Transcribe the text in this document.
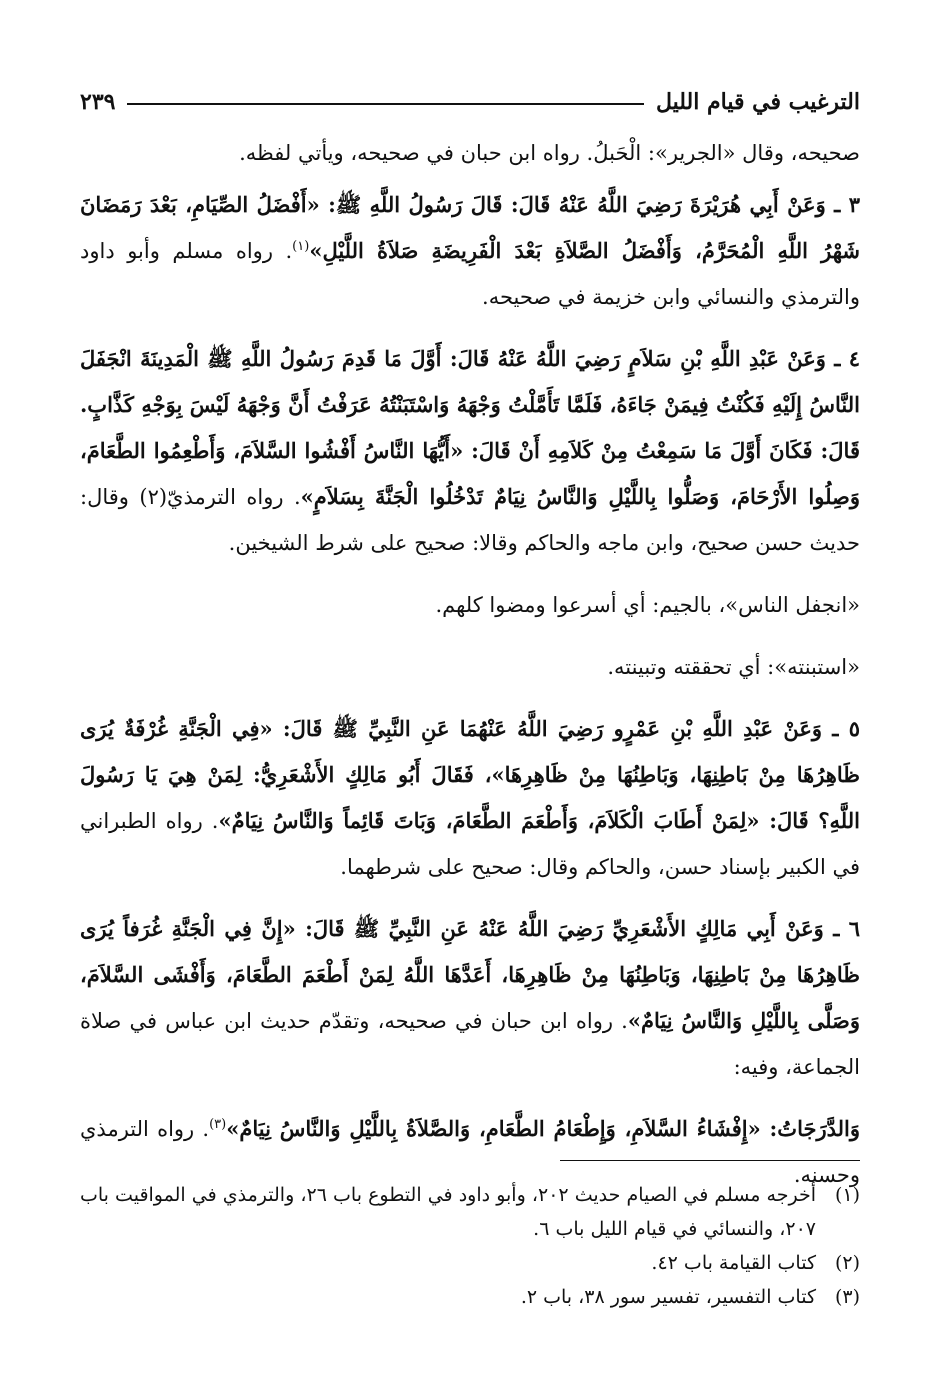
الترغيب في قيام الليل
٢٣٩

صحيحه، وقال «الجرير»: الْحَبلُ. رواه ابن حبان في صحيحه، ويأتي لفظه.

٣ ـ وَعَنْ أَبِي هُرَيْرَةَ رَضِيَ اللَّهُ عَنْهُ قَالَ: قَالَ رَسُولُ اللَّهِ ﷺ: «أَفْضَلُ الصِّيَامِ، بَعْدَ رَمَضَانَ شَهْرُ اللَّهِ الْمُحَرَّمُ، وَأَفْضَلُ الصَّلاَةِ بَعْدَ الْفَرِيضَةِ صَلاَةُ اللَّيْلِ»$^{(١)}$. رواه مسلم وأبو داود والترمذي والنسائي وابن خزيمة في صحيحه.

٤ ـ وَعَنْ عَبْدِ اللَّهِ بْنِ سَلاَمٍ رَضِيَ اللَّهُ عَنْهُ قَالَ: أَوَّلَ مَا قَدِمَ رَسُولُ اللَّهِ ﷺ الْمَدِينَةَ انْجَفَلَ النَّاسُ إِلَيْهِ فَكُنْتُ فِيمَنْ جَاءَهُ، فَلَمَّا تَأَمَّلْتُ وَجْهَهُ وَاسْتَبَنْتُهُ عَرَفْتُ أَنَّ وَجْهَهُ لَيْسَ بِوَجْهِ كَذَّابٍ. قَالَ: فَكَانَ أَوَّلَ مَا سَمِعْتُ مِنْ كَلاَمِهِ أَنْ قَالَ: «أَيُّهَا النَّاسُ أَفْشُوا السَّلاَمَ، وَأَطْعِمُوا الطَّعَامَ، وَصِلُوا الأَرْحَامَ، وَصَلُّوا بِاللَّيْلِ وَالنَّاسُ نِيَامٌ تَدْخُلُوا الْجَنَّةَ بِسَلاَمٍ». رواه الترمذيّ(٢) وقال: حديث حسن صحيح، وابن ماجه والحاكم وقالا: صحيح على شرط الشيخين.

«انجفل الناس»، بالجيم: أي أسرعوا ومضوا كلهم.

«استبنته»: أي تحققته وتبينته.

٥ ـ وَعَنْ عَبْدِ اللَّهِ بْنِ عَمْرٍو رَضِيَ اللَّهُ عَنْهُمَا عَنِ النَّبِيِّ ﷺ قَالَ: «فِي الْجَنَّةِ غُرْفَةٌ يُرَى ظَاهِرُهَا مِنْ بَاطِنِهَا، وَبَاطِنُهَا مِنْ ظَاهِرِهَا»، فَقَالَ أَبُو مَالِكٍ الأَشْعَرِيُّ: لِمَنْ هِيَ يَا رَسُولَ اللَّهِ؟ قَالَ: «لِمَنْ أَطَابَ الْكَلاَمَ، وَأَطْعَمَ الطَّعَامَ، وَبَاتَ قَائِماً وَالنَّاسُ نِيَامٌ». رواه الطبراني في الكبير بإسناد حسن، والحاكم وقال: صحيح على شرطهما.

٦ ـ وَعَنْ أَبِي مَالِكٍ الأَشْعَرِيِّ رَضِيَ اللَّهُ عَنْهُ عَنِ النَّبِيِّ ﷺ قَالَ: «إِنَّ فِي الْجَنَّةِ غُرَفاً يُرَى ظَاهِرُهَا مِنْ بَاطِنِهَا، وَبَاطِنُهَا مِنْ ظَاهِرِهَا، أَعَدَّهَا اللَّهُ لِمَنْ أَطْعَمَ الطَّعَامَ، وَأَفْشَى السَّلاَمَ، وَصَلَّى بِاللَّيْلِ وَالنَّاسُ نِيَامٌ». رواه ابن حبان في صحيحه، وتقدّم حديث ابن عباس في صلاة الجماعة، وفيه:

وَالدَّرَجَاتُ: «إِفْشَاءُ السَّلاَمِ، وَإِطْعَامُ الطَّعَامِ، وَالصَّلاَةُ بِاللَّيْلِ وَالنَّاسُ نِيَامٌ»$^{(٣)}$. رواه الترمذي وحسنه.

(١)
أخرجه مسلم في الصيام حديث ٢٠٢، وأبو داود في التطوع باب ٢٦، والترمذي في المواقيت باب ٢٠٧، والنسائي في قيام الليل باب ٦.
(٢)
كتاب القيامة باب ٤٢.
(٣)
كتاب التفسير، تفسير سور ٣٨، باب ٢.
